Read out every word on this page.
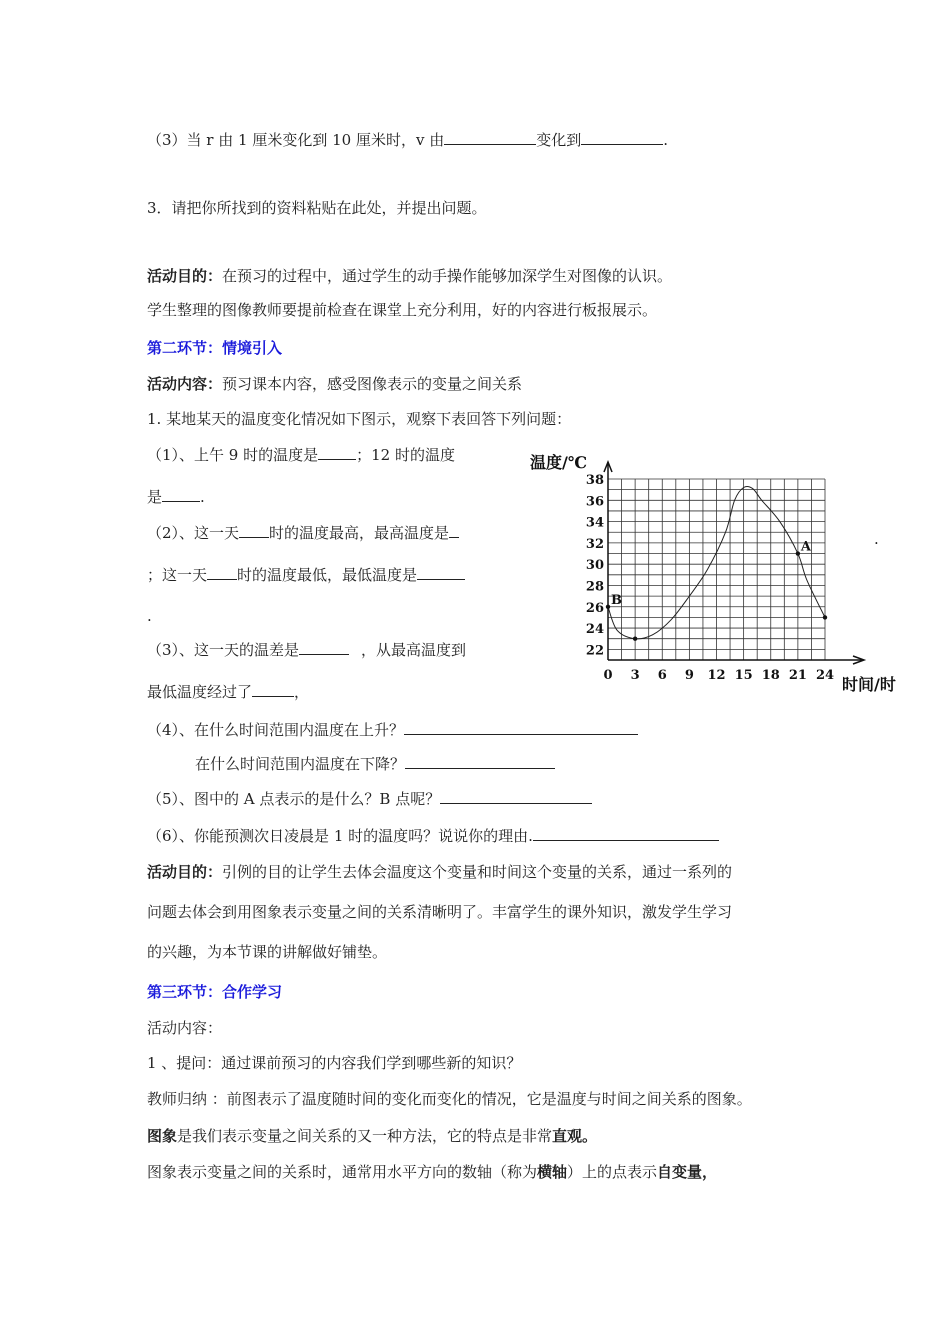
（3）当 r 由 1 厘米变化到 10 厘米时，v 由	变化到	.
3．请把你所找到的资料粘贴在此处，并提出问题。
活动目的：在预习的过程中，通过学生的动手操作能够加深学生对图像的认识。
学生整理的图像教师要提前检查在课堂上充分利用，好的内容进行板报展示。
第二环节：情境引入
活动内容：预习课本内容，感受图像表示的变量之间关系
1. 某地某天的温度变化情况如下图示，观察下表回答下列问题：
（1）、上午 9 时的温度是	；12 时的温度
是	.
（2）、这一天 时的温度最高，最高温度是
；这一天 时的温度最低，最低温度是
.
（3）、这一天的温差是	，从最高温度到
最低温度经过了	，
（4）、在什么时间范围内温度在上升？
在什么时间范围内温度在下降？
（5）、图中的 A 点表示的是什么？B 点呢？
（6）、你能预测次日凌晨是 1 时的温度吗？说说你的理由.
活动目的：引例的目的让学生去体会温度这个变量和时间这个变量的关系，通过一系列的
问题去体会到用图象表示变量之间的关系清晰明了。丰富学生的课外知识，激发学生学习
的兴趣，为本节课的讲解做好铺垫。
第三环节：合作学习
活动内容：
1 、提问：通过课前预习的内容我们学到哪些新的知识？
教师归纳 ：前图表示了温度随时间的变化而变化的情况，它是温度与时间之间关系的图象。
图象是我们表示变量之间关系的又一种方法，它的特点是非常直观。
图象表示变量之间的关系时，通常用水平方向的数轴（称为横轴）上的点表示自变量，
.
22
24
26
28
30
32
34
36
38
0 3 6 9 12 15 18 21 24
B
A
温度/℃
时间/时
